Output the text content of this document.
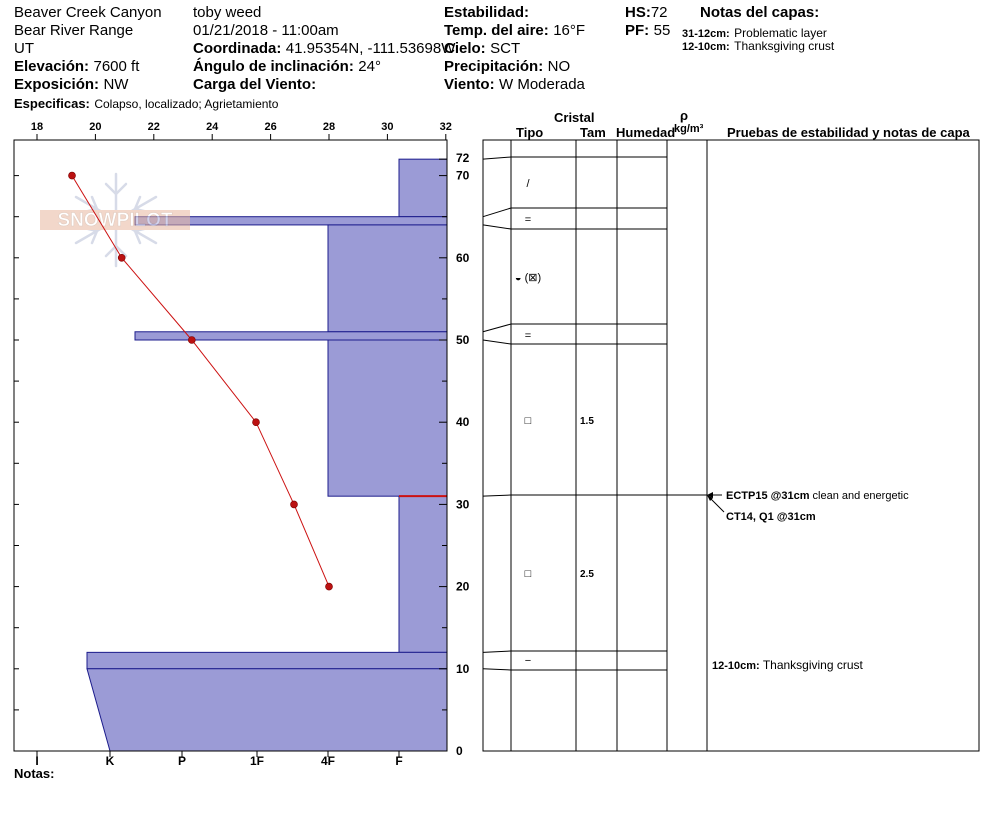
Beaver Creek Canyon
Bear River Range
UT
Elevación: 7600 ft
Exposición: NW
Especificas: Colapso, localizado; Agrietamiento
toby weed
01/21/2018 - 11:00am
Coordinada: 41.95354N, -111.53698W
Ángulo de inclinación: 24°
Carga del Viento:
Estabilidad:
Temp. del aire: 16°F
Cielo: SCT
Precipitación: NO
Viento: W Moderada
HS:72
PF: 55
Notas del capas:
31-12cm: Problematic layer
12-10cm: Thanksgiving crust
Cristal
Tipo	Tam Humedad
ρ
kg/m³ Pruebas de estabilidad y notas de capa
Notas:
SNOWPILOT
18	20	22	24	26	28	30	32
I	K	P	1F	4F	F
0
10
20
30
40
50
60
70
72
/
=
◒ (⊠)
=
□	1.5
□	2.5
−
ECTP15 @31cm clean and energetic
CT14, Q1 @31cm
12-10cm: Thanksgiving crust
